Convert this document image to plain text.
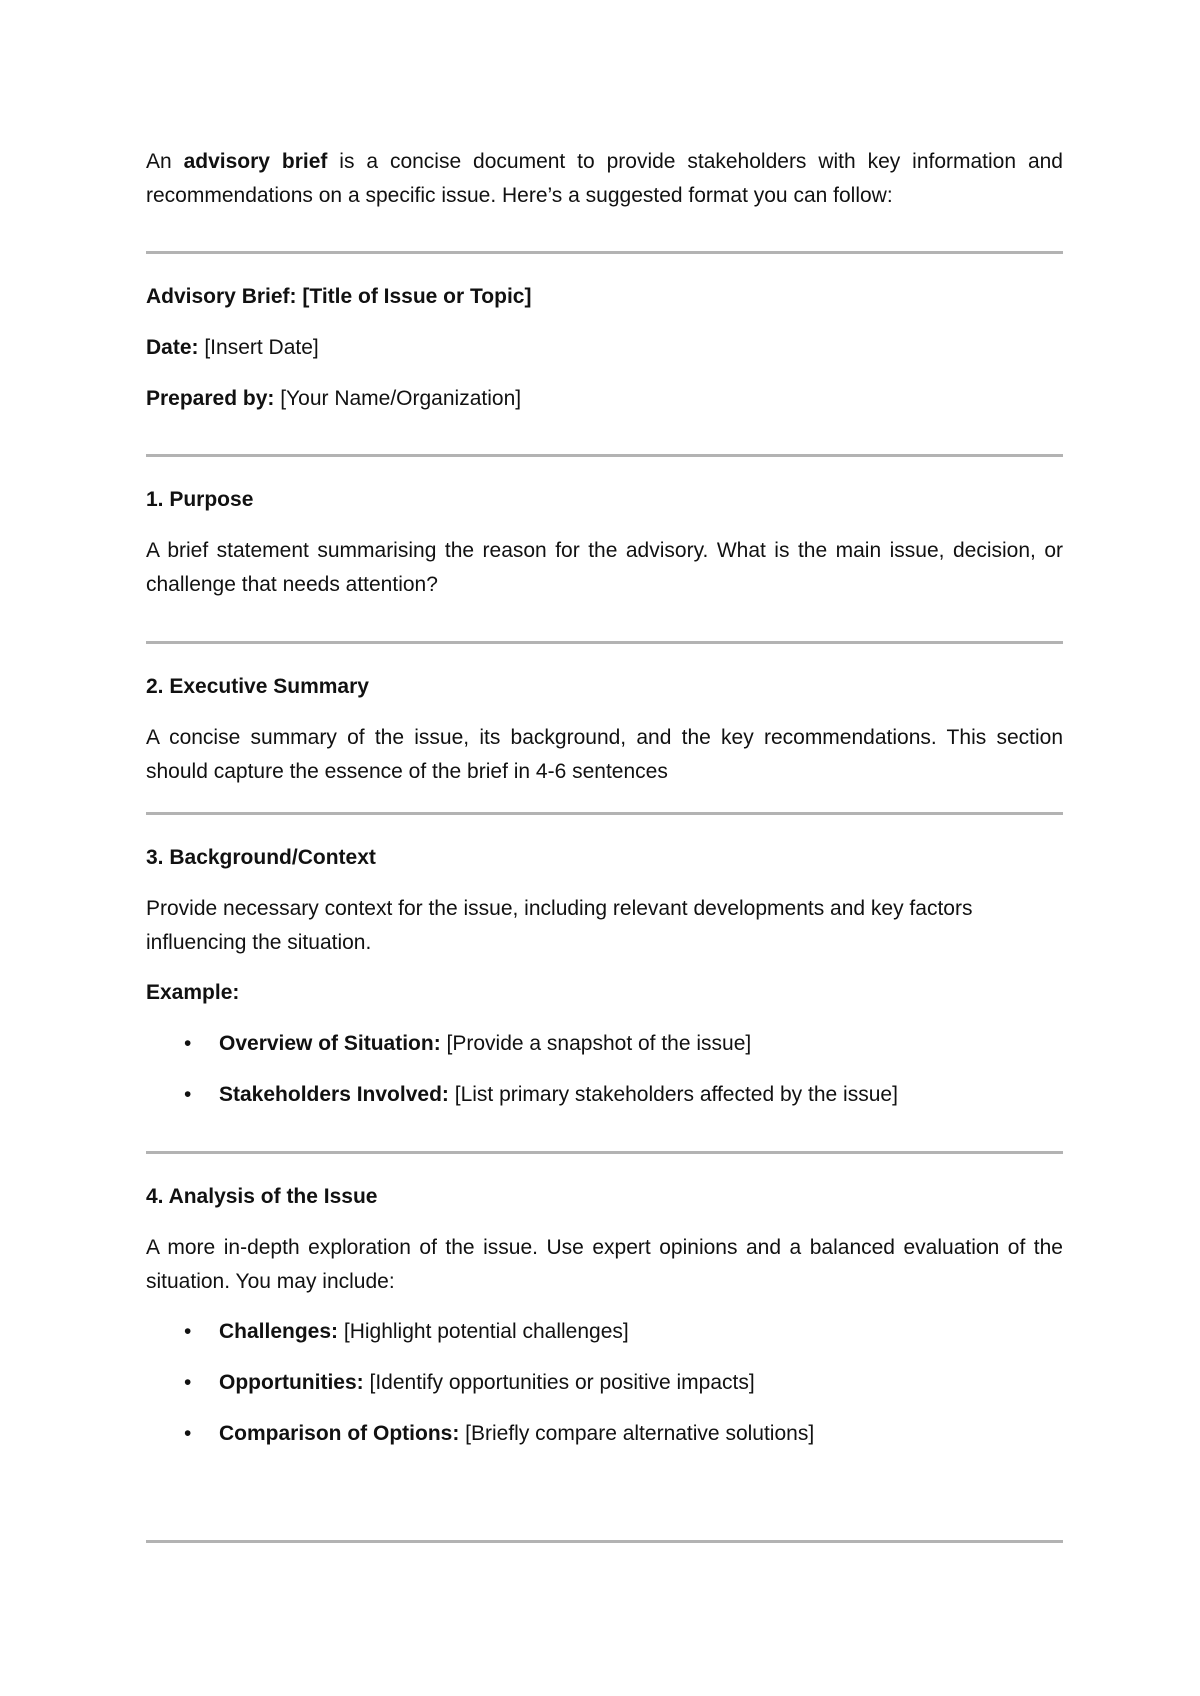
An advisory brief is a concise document to provide stakeholders with key information and recommendations on a specific issue. Here’s a suggested format you can follow:

Advisory Brief: [Title of Issue or Topic]

Date: [Insert Date]

Prepared by: [Your Name/Organization]

1. Purpose

A brief statement summarising the reason for the advisory. What is the main issue, decision, or challenge that needs attention?

2. Executive Summary

A concise summary of the issue, its background, and the key recommendations. This section should capture the essence of the brief in 4-6 sentences

3. Background/Context

Provide necessary context for the issue, including relevant developments and key factors influencing the situation.

Example:

• Overview of Situation: [Provide a snapshot of the issue]
• Stakeholders Involved: [List primary stakeholders affected by the issue]

4. Analysis of the Issue

A more in-depth exploration of the issue. Use expert opinions and a balanced evaluation of the situation. You may include:

• Challenges: [Highlight potential challenges]
• Opportunities: [Identify opportunities or positive impacts]
• Comparison of Options: [Briefly compare alternative solutions]
